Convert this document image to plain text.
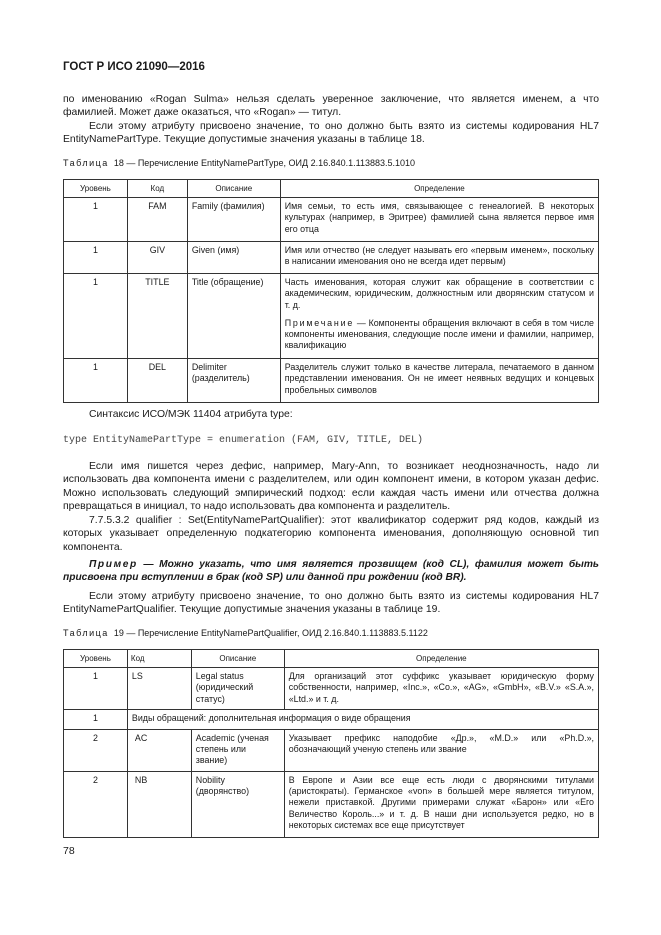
ГОСТ Р ИСО 21090—2016

по именованию «Rogan Sulma» нельзя сделать уверенное заключение, что является именем, а что фамилией. Может даже оказаться, что «Rogan» — титул.

Если этому атрибуту присвоено значение, то оно должно быть взято из системы кодирования HL7 EntityNamePartType. Текущие допустимые значения указаны в таблице 18.

Таблица 18 — Перечисление EntityNamePartType, ОИД 2.16.840.1.113883.5.1010
Уровень	Код	Описание	Определение
1	FAM	Family (фамилия)	Имя семьи, то есть имя, связывающее с генеалогией. В некоторых культурах (например, в Эритрее) фамилией сына является первое имя его отца
1	GIV	Given (имя)	Имя или отчество (не следует называть его «первым именем», поскольку в написании именования оно не всегда идет первым)
1	TITLE	Title (обращение)	Часть именования, которая служит как обращение в соответствии с академическим, юридическим, должностным или дворянским статусом и т. д.
Примечание — Компоненты обращения включают в себя в том числе компоненты именования, следующие после имени и фамилии, например, квалификацию

1	DEL	Delimiter (разделитель)	Разделитель служит только в качестве литерала, печатаемого в данном представлении именования. Он не имеет неявных ведущих и концевых пробельных символов

Синтаксис ИСО/МЭК 11404 атрибута type:

type EntityNamePartType = enumeration (FAM, GIV, TITLE, DEL)

Если имя пишется через дефис, например, Mary-Ann, то возникает неоднозначность, надо ли использовать два компонента имени с разделителем, или один компонент имени, в котором указан дефис. Можно использовать следующий эмпирический подход: если каждая часть имени или отчества должна превращаться в инициал, то надо использовать два компонента и разделитель.

7.7.5.3.2 qualifier : Set(EntityNamePartQualifier): этот квалификатор содержит ряд кодов, каждый из которых указывает определенную подкатегорию компонента именования, дополняющую основной тип компонента.

Пример — Можно указать, что имя является прозвищем (код CL), фамилия может быть присвоена при вступлении в брак (код SP) или данной при рождении (код BR).

Если этому атрибуту присвоено значение, то оно должно быть взято из системы кодирования HL7 EntityNamePartQualifier. Текущие допустимые значения указаны в таблице 19.

Таблица 19 — Перечисление EntityNamePartQualifier, ОИД 2.16.840.1.113883.5.1122
Уровень	Код	Описание	Определение
1	LS	Legal status (юридический статус)	Для организаций этот суффикс указывает юридическую форму собственности, например, «Inc.», «Co.», «AG», «GmbH», «B.V.» «S.A.», «Ltd.» и т. д.
1	Виды обращений: дополнительная информация о виде обращения		
2	AC	Academic (ученая степень или звание)	Указывает префикс наподобие «Др.», «M.D.» или «Ph.D.», обозначающий ученую степень или звание
2	NB	Nobility (дворянство)	В Европе и Азии все еще есть люди с дворянскими титулами (аристократы). Германское «von» в большей мере является титулом, нежели приставкой. Другими примерами служат «Барон» или «Его Величество Король...» и т. д. В наши дни используется редко, но в некоторых системах все еще присутствует
78
